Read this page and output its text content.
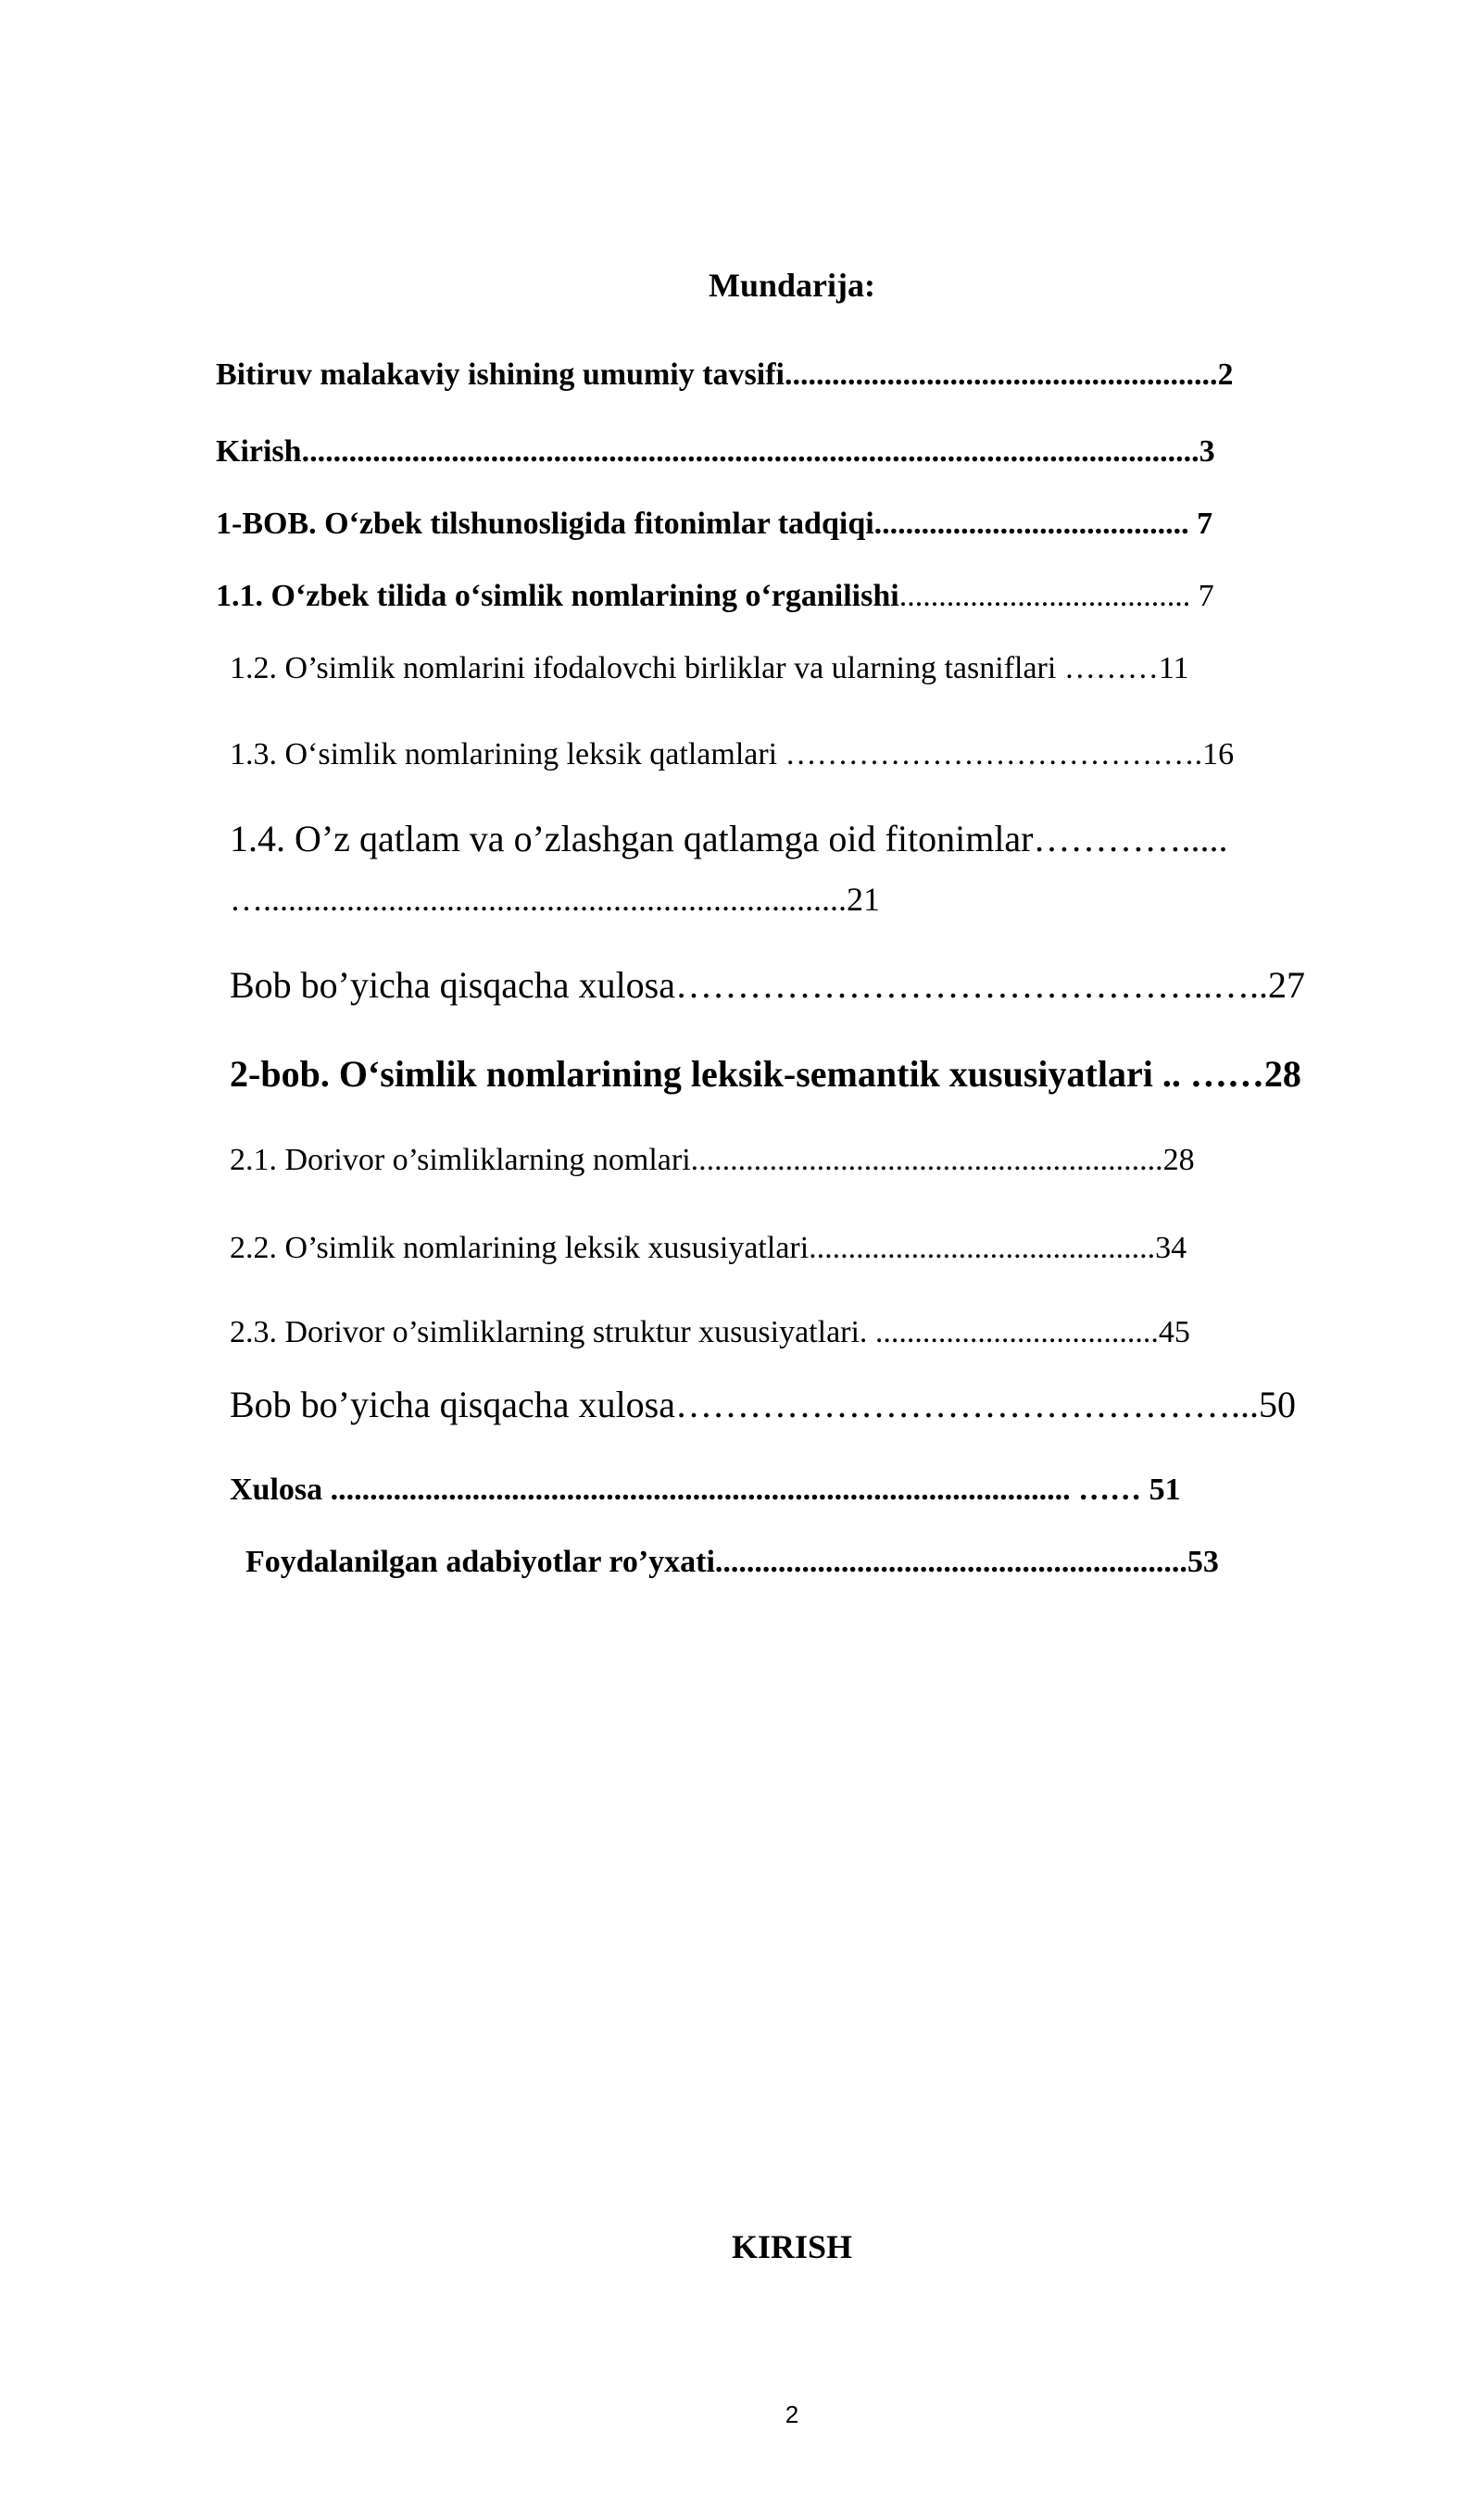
Mundarija:
Bitiruv malakaviy ishining umumiy tavsifi.......................................................2
Kirish..................................................................................................................3
1-BOB. O‘zbek tilshunosligida fitonimlar tadqiqi........................................ 7
1.1. O‘zbek tilida o‘simlik nomlarining o‘rganilishi..................................... 7
1.2. O’simlik nomlarini ifodalovchi birliklar va ularning tasniflari ………11
1.3. O‘simlik nomlarining leksik qatlamlari ………………………………….16
1.4. O’z qatlam va o’zlashgan qatlamga oid fitonimlar………….....
…......................................................................21
Bob bo’yicha qisqacha xulosa……………………………………..…..27
2-bob. O‘simlik nomlarining leksik-semantik xususiyatlari .. ……28
2.1. Dorivor o’simliklarning nomlari............................................................28
2.2. O’simlik nomlarining leksik xususiyatlari............................................34
2.3. Dorivor o’simliklarning struktur xususiyatlari. ....................................45
Bob bo’yicha qisqacha xulosa………………………………………...50
Xulosa .............................................................................................. …… 51
Foydalanilgan adabiyotlar ro’yxati............................................................53
KIRISH
2
